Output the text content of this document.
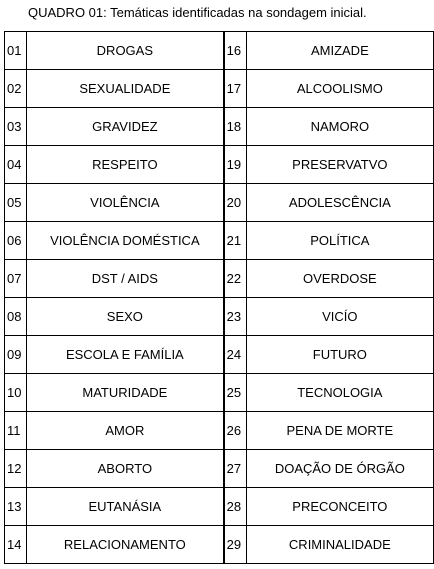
QUADRO 01: Temáticas identificadas na sondagem inicial.
01	DROGAS	16	AMIZADE
02	SEXUALIDADE	17	ALCOOLISMO
03	GRAVIDEZ	18	NAMORO
04	RESPEITO	19	PRESERVATVO
05	VIOLÊNCIA	20	ADOLESCÊNCIA
06	VIOLÊNCIA DOMÉSTICA	21	POLÍTICA
07	DST / AIDS	22	OVERDOSE
08	SEXO	23	VICÍO
09	ESCOLA E FAMÍLIA	24	FUTURO
10	MATURIDADE	25	TECNOLOGIA
11	AMOR	26	PENA DE MORTE
12	ABORTO	27	DOAÇÃO DE ÓRGÃO
13	EUTANÁSIA	28	PRECONCEITO
14	RELACIONAMENTO	29	CRIMINALIDADE
